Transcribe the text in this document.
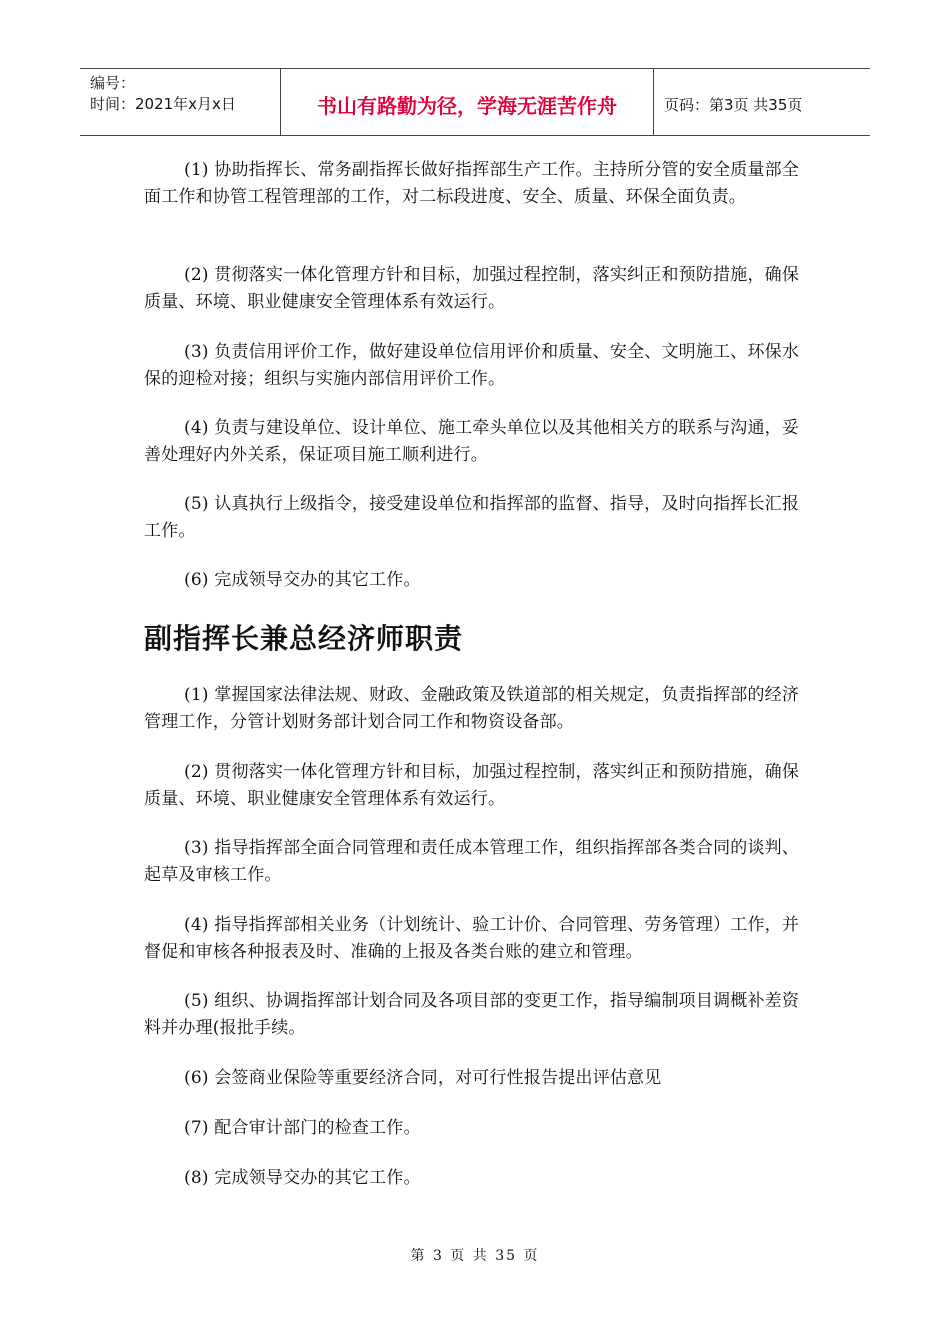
编号：
时间：2021年x月x日	书山有路勤为径，学海无涯苦作舟	页码：第3页 共35页

(1) 协助指挥长、常务副指挥长做好指挥部生产工作。主持所分管的安全质量部全面工作和协管工程管理部的工作，对二标段进度、安全、质量、环保全面负责。

(2) 贯彻落实一体化管理方针和目标，加强过程控制，落实纠正和预防措施，确保质量、环境、职业健康安全管理体系有效运行。

(3) 负责信用评价工作，做好建设单位信用评价和质量、安全、文明施工、环保水保的迎检对接；组织与实施内部信用评价工作。

(4) 负责与建设单位、设计单位、施工牵头单位以及其他相关方的联系与沟通，妥善处理好内外关系，保证项目施工顺利进行。

(5) 认真执行上级指令，接受建设单位和指挥部的监督、指导，及时向指挥长汇报工作。

(6) 完成领导交办的其它工作。

副指挥长兼总经济师职责

(1) 掌握国家法律法规、财政、金融政策及铁道部的相关规定，负责指挥部的经济管理工作，分管计划财务部计划合同工作和物资设备部。

(2) 贯彻落实一体化管理方针和目标，加强过程控制，落实纠正和预防措施，确保质量、环境、职业健康安全管理体系有效运行。

(3) 指导指挥部全面合同管理和责任成本管理工作，组织指挥部各类合同的谈判、起草及审核工作。

(4) 指导指挥部相关业务（计划统计、验工计价、合同管理、劳务管理）工作，并督促和审核各种报表及时、准确的上报及各类台账的建立和管理。

(5) 组织、协调指挥部计划合同及各项目部的变更工作，指导编制项目调概补差资料并办理(报批手续。

(6) 会签商业保险等重要经济合同，对可行性报告提出评估意见

(7) 配合审计部门的检查工作。

(8) 完成领导交办的其它工作。

第 3 页 共 35 页
